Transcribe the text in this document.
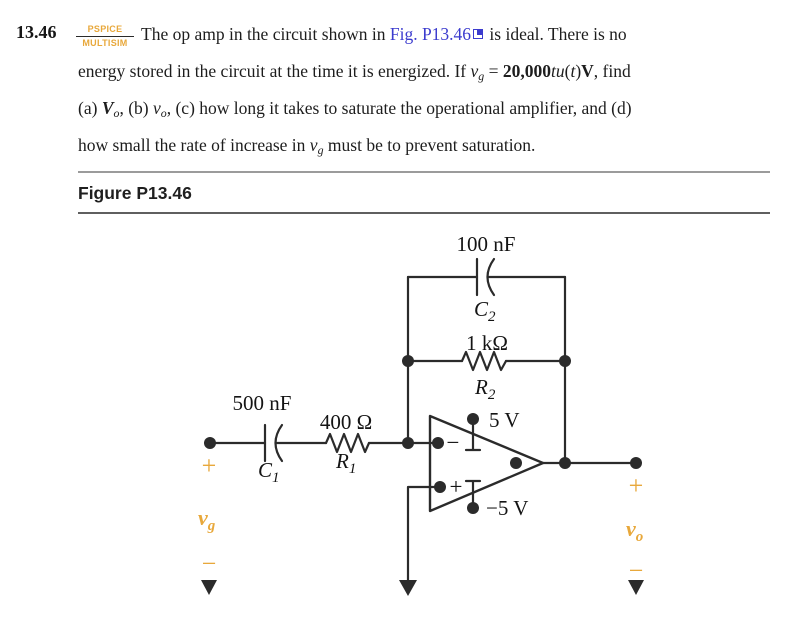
13.46	PSPICE
MULTISIM The op amp in the circuit shown in Fig. P13.46 is ideal. There is no
energy stored in the circuit at the time it is energized. If vg = 20,000tu(t)V, find
(a) Vo, (b) vo, (c) how long it takes to saturate the operational amplifier, and (d)
how small the rate of increase in vg must be to prevent saturation.
Figure P13.46
100 nF
$C_2$
1 kΩ
$R_2$
500 nF
$C_1$
400 Ω
$R_1$
5 V
−5 V
−
+
+
$v_g$
−
+
$v_o$
−
